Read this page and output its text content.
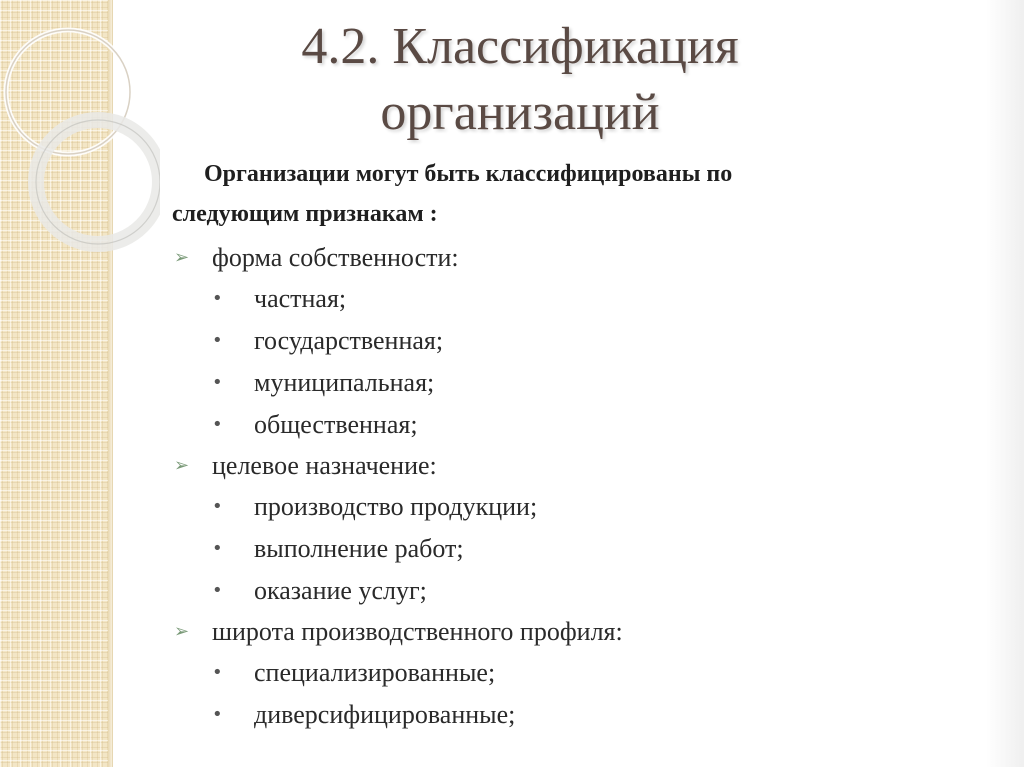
4.2. Классификация
организаций
Организации могут быть классифицированы по
следующим признакам :
➢ форма собственности:
• частная;
• государственная;
• муниципальная;
• общественная;
➢ целевое назначение:
• производство продукции;
• выполнение работ;
• оказание услуг;
➢ широта производственного профиля:
• специализированные;
• диверсифицированные;
